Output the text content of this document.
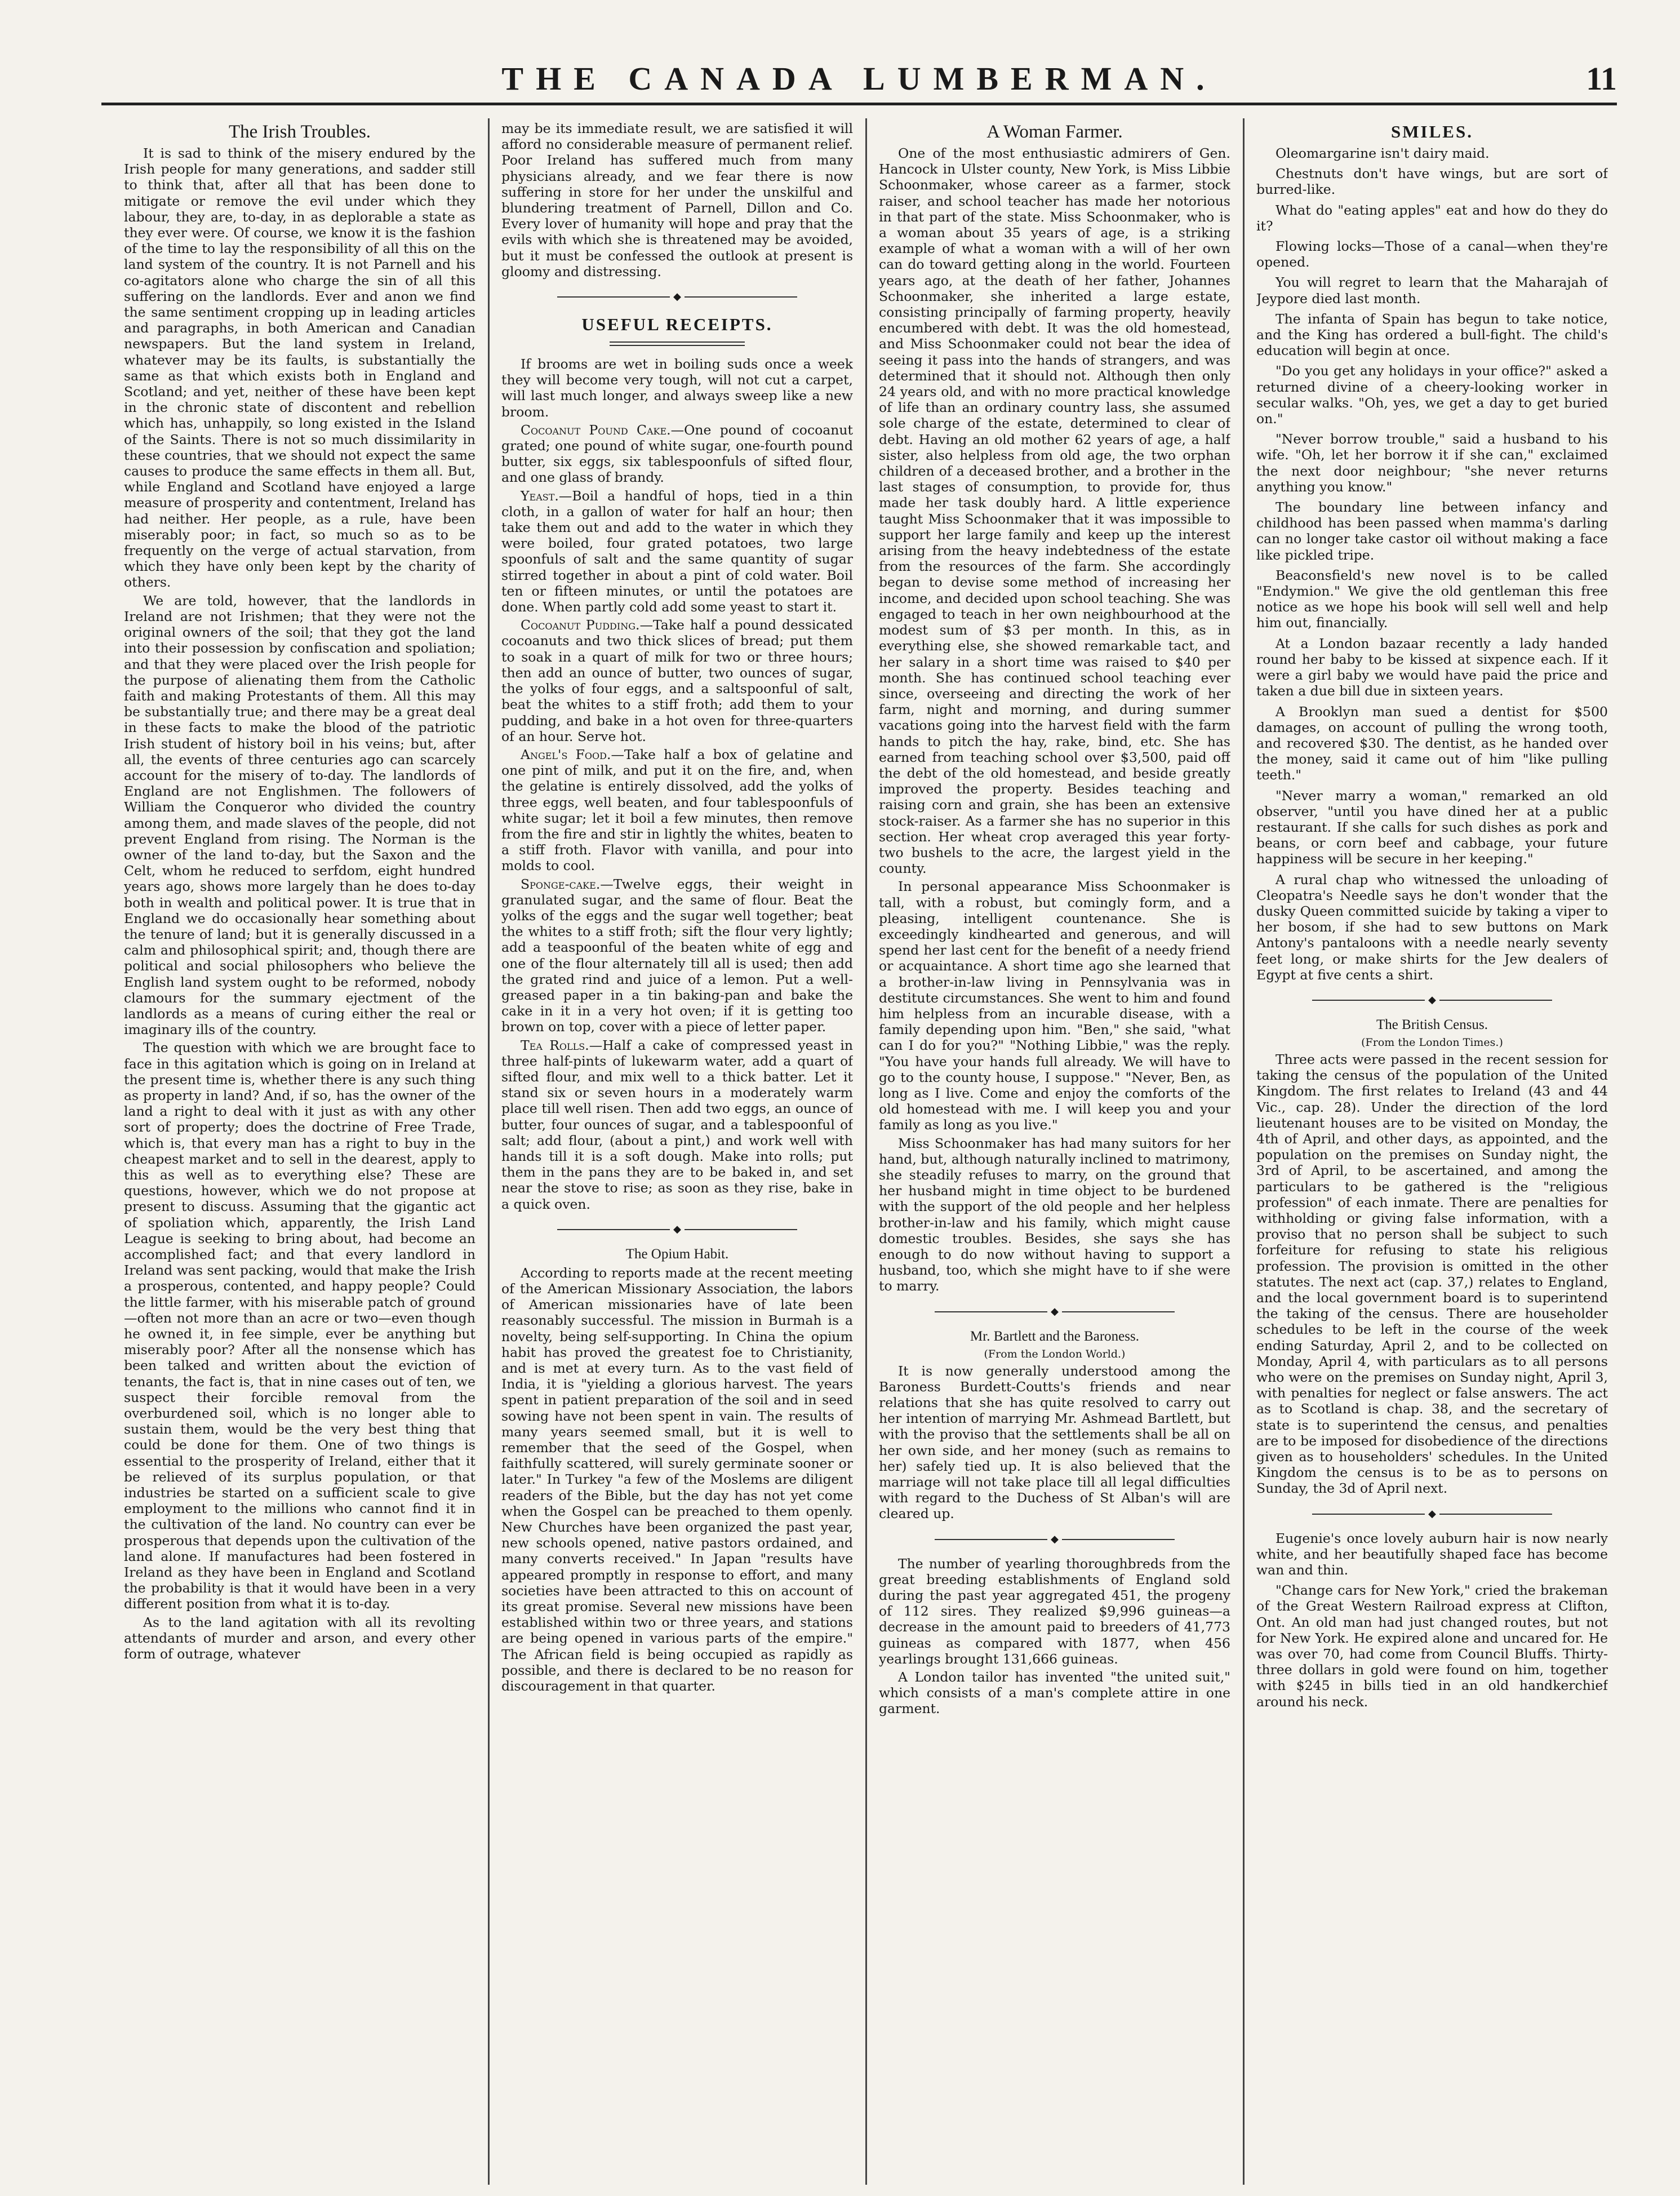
THE CANADA LUMBERMAN.	11

The Irish Troubles.

It is sad to think of the misery endured by the Irish people for many generations, and sadder still to think that, after all that has been done to mitigate or remove the evil under which they labour, they are, to-day, in as deplorable a state as they ever were. Of course, we know it is the fashion of the time to lay the responsibility of all this on the land system of the country. It is not Parnell and his co-agitators alone who charge the sin of all this suffering on the landlords. Ever and anon we find the same sentiment cropping up in leading articles and paragraphs, in both American and Canadian newspapers. But the land system in Ireland, whatever may be its faults, is substantially the same as that which exists both in England and Scotland; and yet, neither of these have been kept in the chronic state of discontent and rebellion which has, unhappily, so long existed in the Island of the Saints. There is not so much dissimilarity in these countries, that we should not expect the same causes to produce the same effects in them all. But, while England and Scotland have enjoyed a large measure of prosperity and contentment, Ireland has had neither. Her people, as a rule, have been miserably poor; in fact, so much so as to be frequently on the verge of actual starvation, from which they have only been kept by the charity of others.

We are told, however, that the landlords in Ireland are not Irishmen; that they were not the original owners of the soil; that they got the land into their possession by confiscation and spoliation; and that they were placed over the Irish people for the purpose of alienating them from the Catholic faith and making Protestants of them. All this may be substantially true; and there may be a great deal in these facts to make the blood of the patriotic Irish student of history boil in his veins; but, after all, the events of three centuries ago can scarcely account for the misery of to-day. The landlords of England are not Englishmen. The followers of William the Conqueror who divided the country among them, and made slaves of the people, did not prevent England from rising. The Norman is the owner of the land to-day, but the Saxon and the Celt, whom he reduced to serfdom, eight hundred years ago, shows more largely than he does to-day both in wealth and political power. It is true that in England we do occasionally hear something about the tenure of land; but it is generally discussed in a calm and philosophical spirit; and, though there are political and social philosophers who believe the English land system ought to be reformed, nobody clamours for the summary ejectment of the landlords as a means of curing either the real or imaginary ills of the country.

The question with which we are brought face to face in this agitation which is going on in Ireland at the present time is, whether there is any such thing as property in land? And, if so, has the owner of the land a right to deal with it just as with any other sort of property; does the doctrine of Free Trade, which is, that every man has a right to buy in the cheapest market and to sell in the dearest, apply to this as well as to everything else? These are questions, however, which we do not propose at present to discuss. Assuming that the gigantic act of spoliation which, apparently, the Irish Land League is seeking to bring about, had become an accomplished fact; and that every landlord in Ireland was sent packing, would that make the Irish a prosperous, contented, and happy people? Could the little farmer, with his miserable patch of ground—often not more than an acre or two—even though he owned it, in fee simple, ever be anything but miserably poor? After all the nonsense which has been talked and written about the eviction of tenants, the fact is, that in nine cases out of ten, we suspect their forcible removal from the overburdened soil, which is no longer able to sustain them, would be the very best thing that could be done for them. One of two things is essential to the prosperity of Ireland, either that it be relieved of its surplus population, or that industries be started on a sufficient scale to give employment to the millions who cannot find it in the cultivation of the land. No country can ever be prosperous that depends upon the cultivation of the land alone. If manufactures had been fostered in Ireland as they have been in England and Scotland the probability is that it would have been in a very different position from what it is to-day.

As to the land agitation with all its revolting attendants of murder and arson, and every other form of outrage, whatever

may be its immediate result, we are satisfied it will afford no considerable measure of permanent relief. Poor Ireland has suffered much from many physicians already, and we fear there is now suffering in store for her under the unskilful and blundering treatment of Parnell, Dillon and Co. Every lover of humanity will hope and pray that the evils with which she is threatened may be avoided, but it must be confessed the outlook at present is gloomy and distressing.

◆

USEFUL RECEIPTS.

If brooms are wet in boiling suds once a week they will become very tough, will not cut a carpet, will last much longer, and always sweep like a new broom.

Cocoanut Pound Cake.—One pound of cocoanut grated; one pound of white sugar, one-fourth pound butter, six eggs, six tablespoonfuls of sifted flour, and one glass of brandy.

Yeast.—Boil a handful of hops, tied in a thin cloth, in a gallon of water for half an hour; then take them out and add to the water in which they were boiled, four grated potatoes, two large spoonfuls of salt and the same quantity of sugar stirred together in about a pint of cold water. Boil ten or fifteen minutes, or until the potatoes are done. When partly cold add some yeast to start it.

Cocoanut Pudding.—Take half a pound dessicated cocoanuts and two thick slices of bread; put them to soak in a quart of milk for two or three hours; then add an ounce of butter, two ounces of sugar, the yolks of four eggs, and a saltspoonful of salt, beat the whites to a stiff froth; add them to your pudding, and bake in a hot oven for three-quarters of an hour. Serve hot.

Angel's Food.—Take half a box of gelatine and one pint of milk, and put it on the fire, and, when the gelatine is entirely dissolved, add the yolks of three eggs, well beaten, and four tablespoonfuls of white sugar; let it boil a few minutes, then remove from the fire and stir in lightly the whites, beaten to a stiff froth. Flavor with vanilla, and pour into molds to cool.

Sponge-cake.—Twelve eggs, their weight in granulated sugar, and the same of flour. Beat the yolks of the eggs and the sugar well together; beat the whites to a stiff froth; sift the flour very lightly; add a teaspoonful of the beaten white of egg and one of the flour alternately till all is used; then add the grated rind and juice of a lemon. Put a well-greased paper in a tin baking-pan and bake the cake in it in a very hot oven; if it is getting too brown on top, cover with a piece of letter paper.

Tea Rolls.—Half a cake of compressed yeast in three half-pints of lukewarm water, add a quart of sifted flour, and mix well to a thick batter. Let it stand six or seven hours in a moderately warm place till well risen. Then add two eggs, an ounce of butter, four ounces of sugar, and a tablespoonful of salt; add flour, (about a pint,) and work well with hands till it is a soft dough. Make into rolls; put them in the pans they are to be baked in, and set near the stove to rise; as soon as they rise, bake in a quick oven.

◆

The Opium Habit.

According to reports made at the recent meeting of the American Missionary Association, the labors of American missionaries have of late been reasonably successful. The mission in Burmah is a novelty, being self-supporting. In China the opium habit has proved the greatest foe to Christianity, and is met at every turn. As to the vast field of India, it is "yielding a glorious harvest. The years spent in patient preparation of the soil and in seed sowing have not been spent in vain. The results of many years seemed small, but it is well to remember that the seed of the Gospel, when faithfully scattered, will surely germinate sooner or later." In Turkey "a few of the Moslems are diligent readers of the Bible, but the day has not yet come when the Gospel can be preached to them openly. New Churches have been organized the past year, new schools opened, native pastors ordained, and many converts received." In Japan "results have appeared promptly in response to effort, and many societies have been attracted to this on account of its great promise. Several new missions have been established within two or three years, and stations are being opened in various parts of the empire." The African field is being occupied as rapidly as possible, and there is declared to be no reason for discouragement in that quarter.

A Woman Farmer.

One of the most enthusiastic admirers of Gen. Hancock in Ulster county, New York, is Miss Libbie Schoonmaker, whose career as a farmer, stock raiser, and school teacher has made her notorious in that part of the state. Miss Schoonmaker, who is a woman about 35 years of age, is a striking example of what a woman with a will of her own can do toward getting along in the world. Fourteen years ago, at the death of her father, Johannes Schoonmaker, she inherited a large estate, consisting principally of farming property, heavily encumbered with debt. It was the old homestead, and Miss Schoonmaker could not bear the idea of seeing it pass into the hands of strangers, and was determined that it should not. Although then only 24 years old, and with no more practical knowledge of life than an ordinary country lass, she assumed sole charge of the estate, determined to clear of debt. Having an old mother 62 years of age, a half sister, also helpless from old age, the two orphan children of a deceased brother, and a brother in the last stages of consumption, to provide for, thus made her task doubly hard. A little experience taught Miss Schoonmaker that it was impossible to support her large family and keep up the interest arising from the heavy indebtedness of the estate from the resources of the farm. She accordingly began to devise some method of increasing her income, and decided upon school teaching. She was engaged to teach in her own neighbourhood at the modest sum of $3 per month. In this, as in everything else, she showed remarkable tact, and her salary in a short time was raised to $40 per month. She has continued school teaching ever since, overseeing and directing the work of her farm, night and morning, and during summer vacations going into the harvest field with the farm hands to pitch the hay, rake, bind, etc. She has earned from teaching school over $3,500, paid off the debt of the old homestead, and beside greatly improved the property. Besides teaching and raising corn and grain, she has been an extensive stock-raiser. As a farmer she has no superior in this section. Her wheat crop averaged this year forty-two bushels to the acre, the largest yield in the county.

In personal appearance Miss Schoonmaker is tall, with a robust, but comingly form, and a pleasing, intelligent countenance. She is exceedingly kindhearted and generous, and will spend her last cent for the benefit of a needy friend or acquaintance. A short time ago she learned that a brother-in-law living in Pennsylvania was in destitute circumstances. She went to him and found him helpless from an incurable disease, with a family depending upon him. "Ben," she said, "what can I do for you?" "Nothing Libbie," was the reply. "You have your hands full already. We will have to go to the county house, I suppose." "Never, Ben, as long as I live. Come and enjoy the comforts of the old homestead with me. I will keep you and your family as long as you live."

Miss Schoonmaker has had many suitors for her hand, but, although naturally inclined to matrimony, she steadily refuses to marry, on the ground that her husband might in time object to be burdened with the support of the old people and her helpless brother-in-law and his family, which might cause domestic troubles. Besides, she says she has enough to do now without having to support a husband, too, which she might have to if she were to marry.

◆

Mr. Bartlett and the Baroness.

(From the London World.)

It is now generally understood among the Baroness Burdett-Coutts's friends and near relations that she has quite resolved to carry out her intention of marrying Mr. Ashmead Bartlett, but with the proviso that the settlements shall be all on her own side, and her money (such as remains to her) safely tied up. It is also believed that the marriage will not take place till all legal difficulties with regard to the Duchess of St Alban's will are cleared up.

◆

The number of yearling thoroughbreds from the great breeding establishments of England sold during the past year aggregated 451, the progeny of 112 sires. They realized $9,996 guineas—a decrease in the amount paid to breeders of 41,773 guineas as compared with 1877, when 456 yearlings brought 131,666 guineas.

A London tailor has invented "the united suit," which consists of a man's complete attire in one garment.

SMILES.

Oleomargarine isn't dairy maid.

Chestnuts don't have wings, but are sort of burred-like.

What do "eating apples" eat and how do they do it?

Flowing locks—Those of a canal—when they're opened.

You will regret to learn that the Maharajah of Jeypore died last month.

The infanta of Spain has begun to take notice, and the King has ordered a bull-fight. The child's education will begin at once.

"Do you get any holidays in your office?" asked a returned divine of a cheery-looking worker in secular walks. "Oh, yes, we get a day to get buried on."

"Never borrow trouble," said a husband to his wife. "Oh, let her borrow it if she can," exclaimed the next door neighbour; "she never returns anything you know."

The boundary line between infancy and childhood has been passed when mamma's darling can no longer take castor oil without making a face like pickled tripe.

Beaconsfield's new novel is to be called "Endymion." We give the old gentleman this free notice as we hope his book will sell well and help him out, financially.

At a London bazaar recently a lady handed round her baby to be kissed at sixpence each. If it were a girl baby we would have paid the price and taken a due bill due in sixteen years.

A Brooklyn man sued a dentist for $500 damages, on account of pulling the wrong tooth, and recovered $30. The dentist, as he handed over the money, said it came out of him "like pulling teeth."

"Never marry a woman," remarked an old observer, "until you have dined her at a public restaurant. If she calls for such dishes as pork and beans, or corn beef and cabbage, your future happiness will be secure in her keeping."

A rural chap who witnessed the unloading of Cleopatra's Needle says he don't wonder that the dusky Queen committed suicide by taking a viper to her bosom, if she had to sew buttons on Mark Antony's pantaloons with a needle nearly seventy feet long, or make shirts for the Jew dealers of Egypt at five cents a shirt.

◆

The British Census.

(From the London Times.)

Three acts were passed in the recent session for taking the census of the population of the United Kingdom. The first relates to Ireland (43 and 44 Vic., cap. 28). Under the direction of the lord lieutenant houses are to be visited on Monday, the 4th of April, and other days, as appointed, and the population on the premises on Sunday night, the 3rd of April, to be ascertained, and among the particulars to be gathered is the "religious profession" of each inmate. There are penalties for withholding or giving false information, with a proviso that no person shall be subject to such forfeiture for refusing to state his religious profession. The provision is omitted in the other statutes. The next act (cap. 37,) relates to England, and the local government board is to superintend the taking of the census. There are householder schedules to be left in the course of the week ending Saturday, April 2, and to be collected on Monday, April 4, with particulars as to all persons who were on the premises on Sunday night, April 3, with penalties for neglect or false answers. The act as to Scotland is chap. 38, and the secretary of state is to superintend the census, and penalties are to be imposed for disobedience of the directions given as to householders' schedules. In the United Kingdom the census is to be as to persons on Sunday, the 3d of April next.

◆

Eugenie's once lovely auburn hair is now nearly white, and her beautifully shaped face has become wan and thin.

"Change cars for New York," cried the brakeman of the Great Western Railroad express at Clifton, Ont. An old man had just changed routes, but not for New York. He expired alone and uncared for. He was over 70, had come from Council Bluffs. Thirty-three dollars in gold were found on him, together with $245 in bills tied in an old handkerchief around his neck.
